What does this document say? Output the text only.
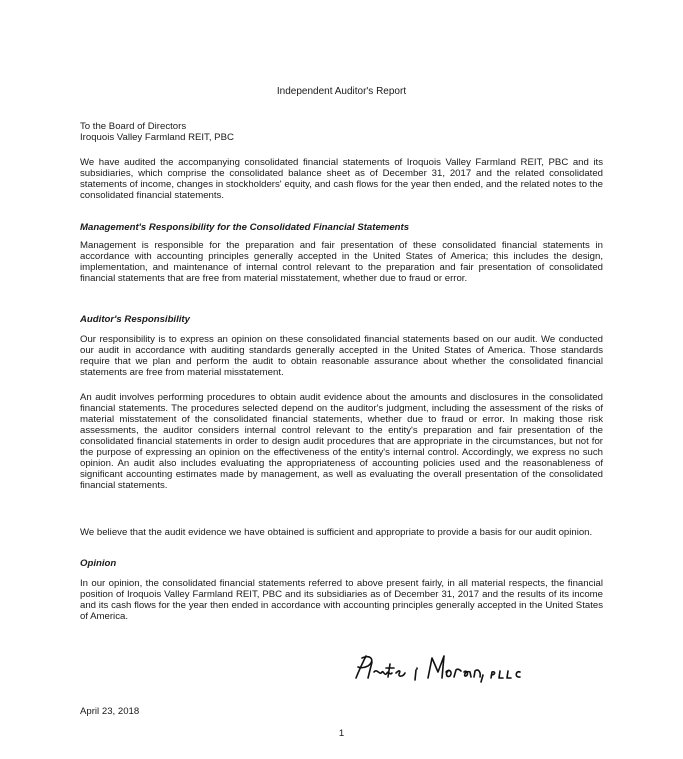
Independent Auditor's Report
To the Board of Directors
Iroquois Valley Farmland REIT, PBC

We have audited the accompanying consolidated financial statements of Iroquois Valley Farmland REIT, PBC and its subsidiaries, which comprise the consolidated balance sheet as of December 31, 2017 and the related consolidated statements of income, changes in stockholders' equity, and cash flows for the year then ended, and the related notes to the consolidated financial statements.

Management's Responsibility for the Consolidated Financial Statements

Management is responsible for the preparation and fair presentation of these consolidated financial statements in accordance with accounting principles generally accepted in the United States of America; this includes the design, implementation, and maintenance of internal control relevant to the preparation and fair presentation of consolidated financial statements that are free from material misstatement, whether due to fraud or error.

Auditor's Responsibility

Our responsibility is to express an opinion on these consolidated financial statements based on our audit. We conducted our audit in accordance with auditing standards generally accepted in the United States of America. Those standards require that we plan and perform the audit to obtain reasonable assurance about whether the consolidated financial statements are free from material misstatement.

An audit involves performing procedures to obtain audit evidence about the amounts and disclosures in the consolidated financial statements. The procedures selected depend on the auditor's judgment, including the assessment of the risks of material misstatement of the consolidated financial statements, whether due to fraud or error. In making those risk assessments, the auditor considers internal control relevant to the entity's preparation and fair presentation of the consolidated financial statements in order to design audit procedures that are appropriate in the circumstances, but not for the purpose of expressing an opinion on the effectiveness of the entity's internal control. Accordingly, we express no such opinion. An audit also includes evaluating the appropriateness of accounting policies used and the reasonableness of significant accounting estimates made by management, as well as evaluating the overall presentation of the consolidated financial statements.

We believe that the audit evidence we have obtained is sufficient and appropriate to provide a basis for our audit opinion.

Opinion

In our opinion, the consolidated financial statements referred to above present fairly, in all material respects, the financial position of Iroquois Valley Farmland REIT, PBC and its subsidiaries as of December 31, 2017 and the results of its income and its cash flows for the year then ended in accordance with accounting principles generally accepted in the United States of America.

April 23, 2018
1
